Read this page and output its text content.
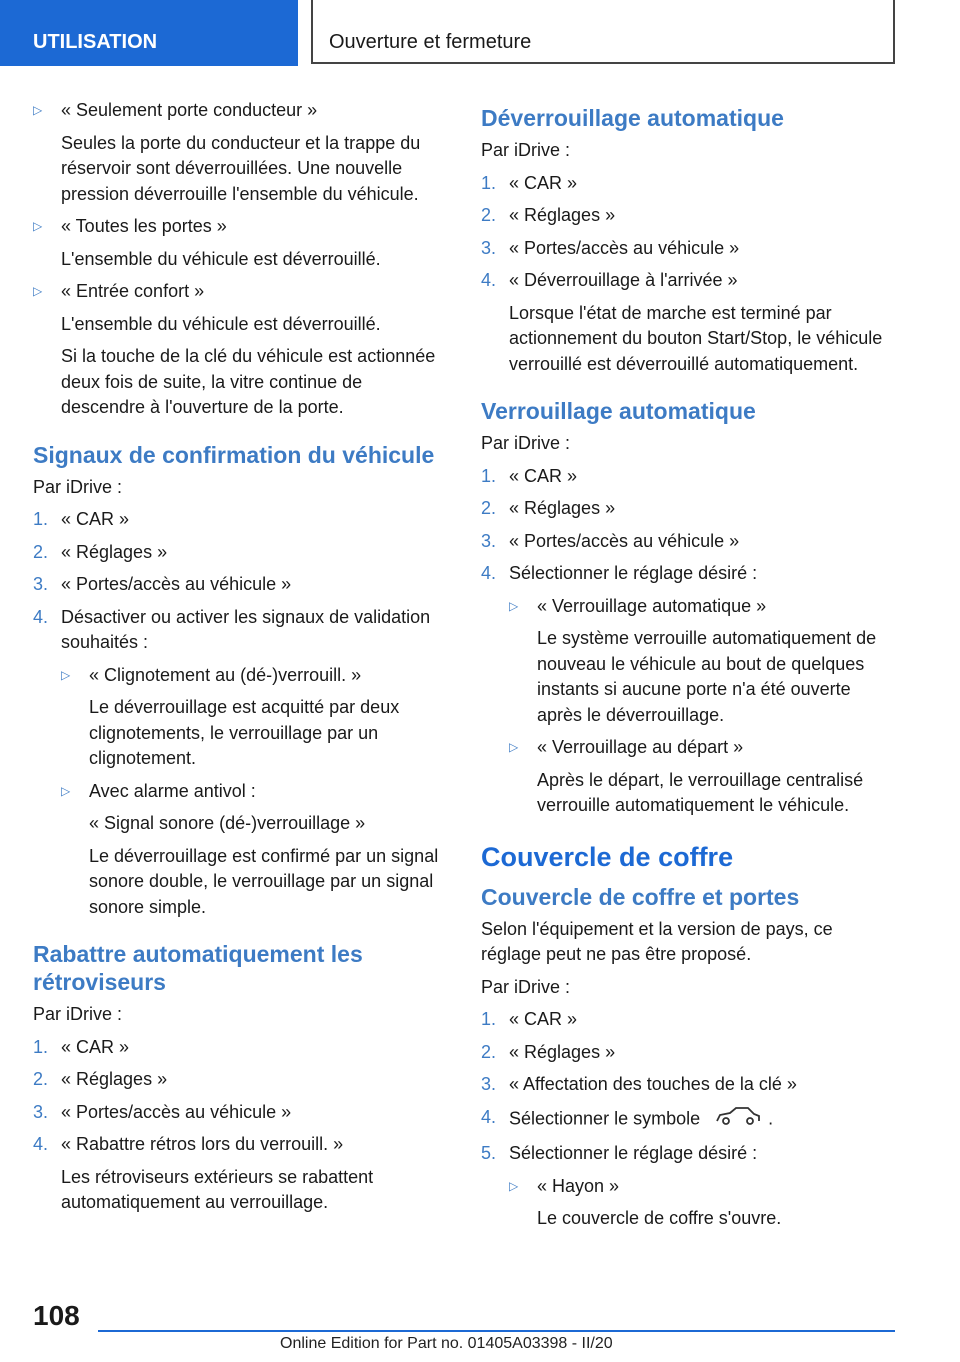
UTILISATION	Ouverture et fermeture
▷	« Seulement porte conducteur »

Seules la porte du conducteur et la trappe du réservoir sont déverrouillées. Une nouvelle pression déverrouille l'ensemble du véhicule.

▷	« Toutes les portes »

L'ensemble du véhicule est déverrouillé.

▷	« Entrée confort »

L'ensemble du véhicule est déverrouillé.

Si la touche de la clé du véhicule est actionnée deux fois de suite, la vitre continue de descendre à l'ouverture de la porte.

Signaux de confirmation du véhicule

Par iDrive :

1. « CAR »
2. « Réglages »
3. « Portes/accès au véhicule »
4. Désactiver ou activer les signaux de validation souhaités :
▷	« Clignotement au (dé-)verrouill. »

Le déverrouillage est acquitté par deux clignotements, le verrouillage par un clignotement.

▷	Avec alarme antivol :

« Signal sonore (dé-)verrouillage »

Le déverrouillage est confirmé par un signal sonore double, le verrouillage par un signal sonore simple.

Rabattre automatiquement les rétroviseurs

Par iDrive :

1. « CAR »
2. « Réglages »
3. « Portes/accès au véhicule »
4. « Rabattre rétros lors du verrouill. »

Les rétroviseurs extérieurs se rabattent automatiquement au verrouillage.

Déverrouillage automatique

Par iDrive :

1. « CAR »
2. « Réglages »
3. « Portes/accès au véhicule »
4. « Déverrouillage à l'arrivée »

Lorsque l'état de marche est terminé par actionnement du bouton Start/Stop, le véhicule verrouillé est déverrouillé automatiquement.

Verrouillage automatique

Par iDrive :

1. « CAR »
2. « Réglages »
3. « Portes/accès au véhicule »
4. Sélectionner le réglage désiré :
▷	« Verrouillage automatique »

Le système verrouille automatiquement de nouveau le véhicule au bout de quelques instants si aucune porte n'a été ouverte après le déverrouillage.

▷	« Verrouillage au départ »

Après le départ, le verrouillage centralisé verrouille automatiquement le véhicule.

Couvercle de coffre
Couvercle de coffre et portes

Selon l'équipement et la version de pays, ce réglage peut ne pas être proposé.

Par iDrive :

1. « CAR »
2. « Réglages »
3. « Affectation des touches de la clé »
4. Sélectionner le symbole	.
5. Sélectionner le réglage désiré :
▷	« Hayon »

Le couvercle de coffre s'ouvre.

108
Online Edition for Part no. 01405A03398 - II/20
